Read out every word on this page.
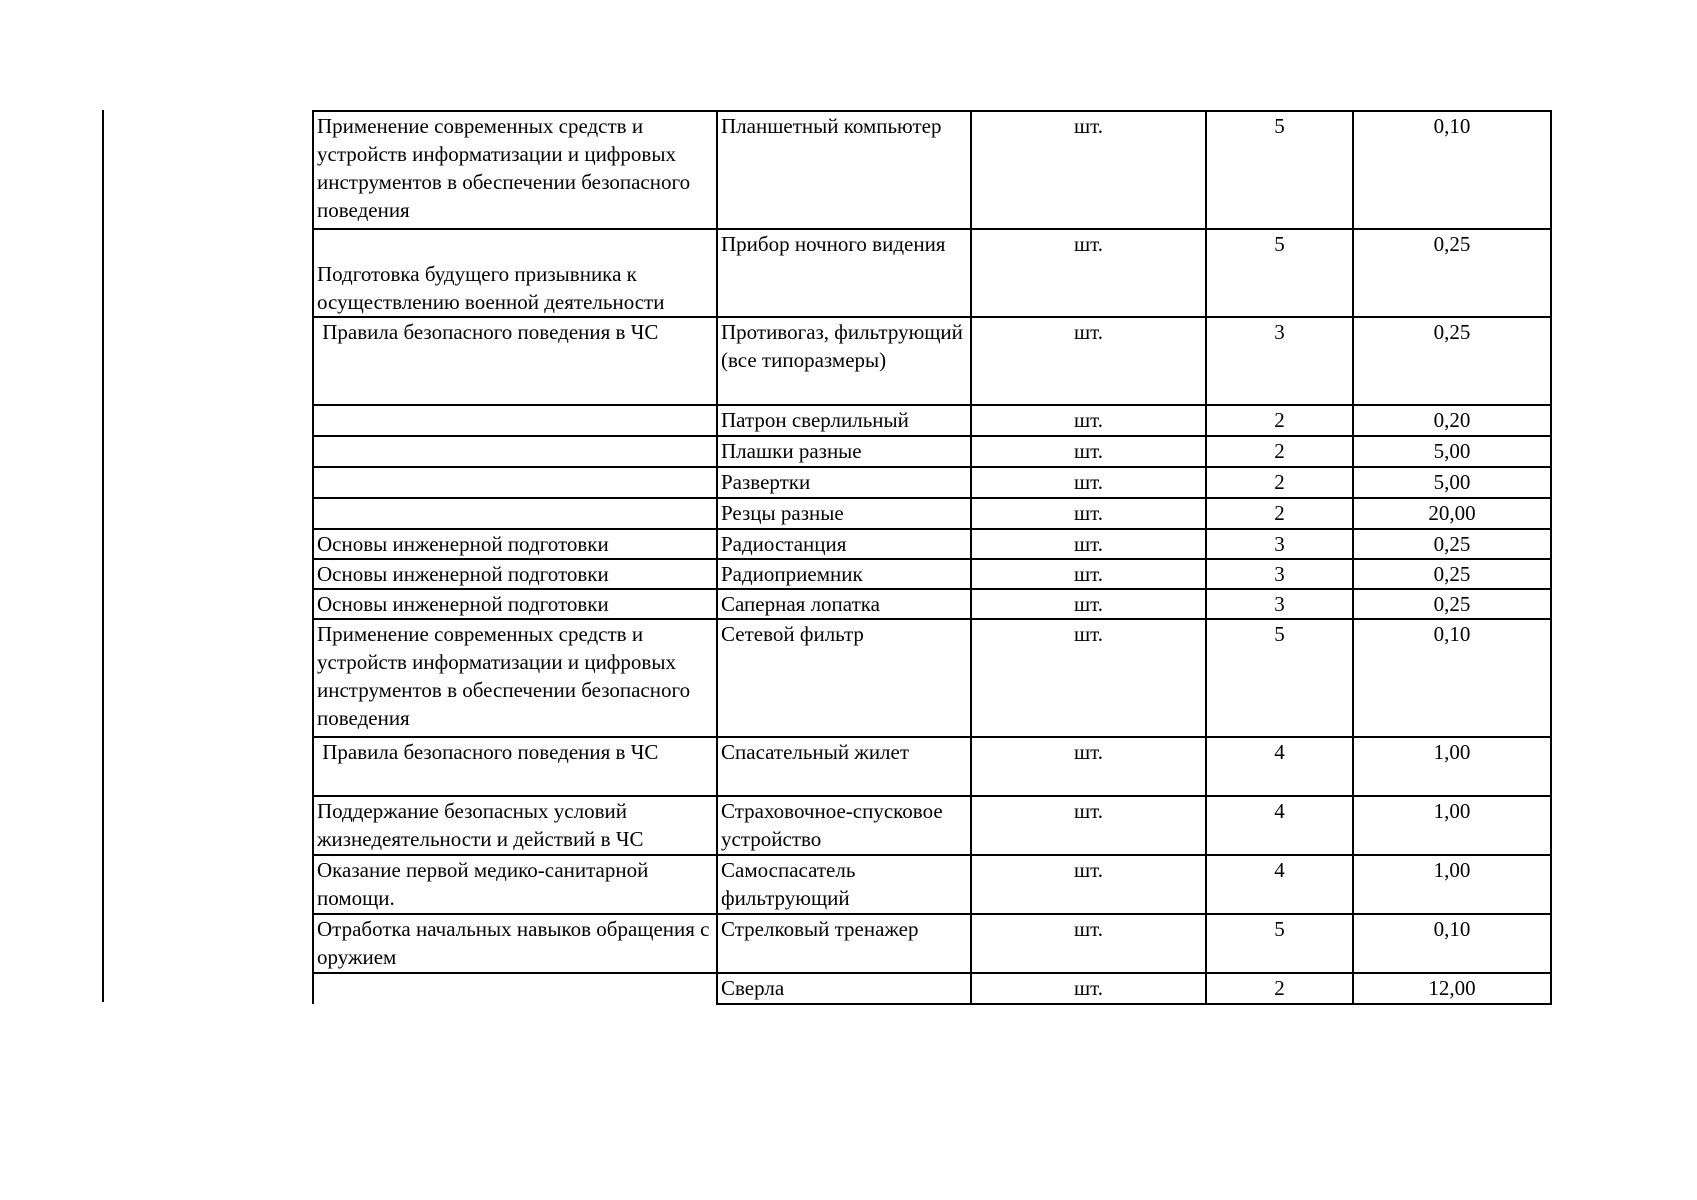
Применение современных средств и устройств информатизации и цифровых инструментов в обеспечении безопасного поведения	Планшетный компьютер	шт.	5	0,10
Подготовка будущего призывника к осуществлению военной деятельности	Прибор ночного видения	шт.	5	0,25
Правила безопасного поведения в ЧС	Противогаз, фильтрующий (все типоразмеры)	шт.	3	0,25
	Патрон сверлильный	шт.	2	0,20
	Плашки разные	шт.	2	5,00
	Развертки	шт.	2	5,00
	Резцы разные	шт.	2	20,00
Основы инженерной подготовки	Радиостанция	шт.	3	0,25
Основы инженерной подготовки	Радиоприемник	шт.	3	0,25
Основы инженерной подготовки	Саперная лопатка	шт.	3	0,25
Применение современных средств и устройств информатизации и цифровых инструментов в обеспечении безопасного поведения	Сетевой фильтр	шт.	5	0,10
Правила безопасного поведения в ЧС	Спасательный жилет	шт.	4	1,00
Поддержание безопасных условий жизнедеятельности и действий в ЧС	Страховочное-спусковое устройство	шт.	4	1,00
Оказание первой медико-санитарной помощи.	Самоспасатель фильтрующий	шт.	4	1,00
Отработка начальных навыков обращения с оружием	Стрелковый тренажер	шт.	5	0,10
	Сверла	шт.	2	12,00
